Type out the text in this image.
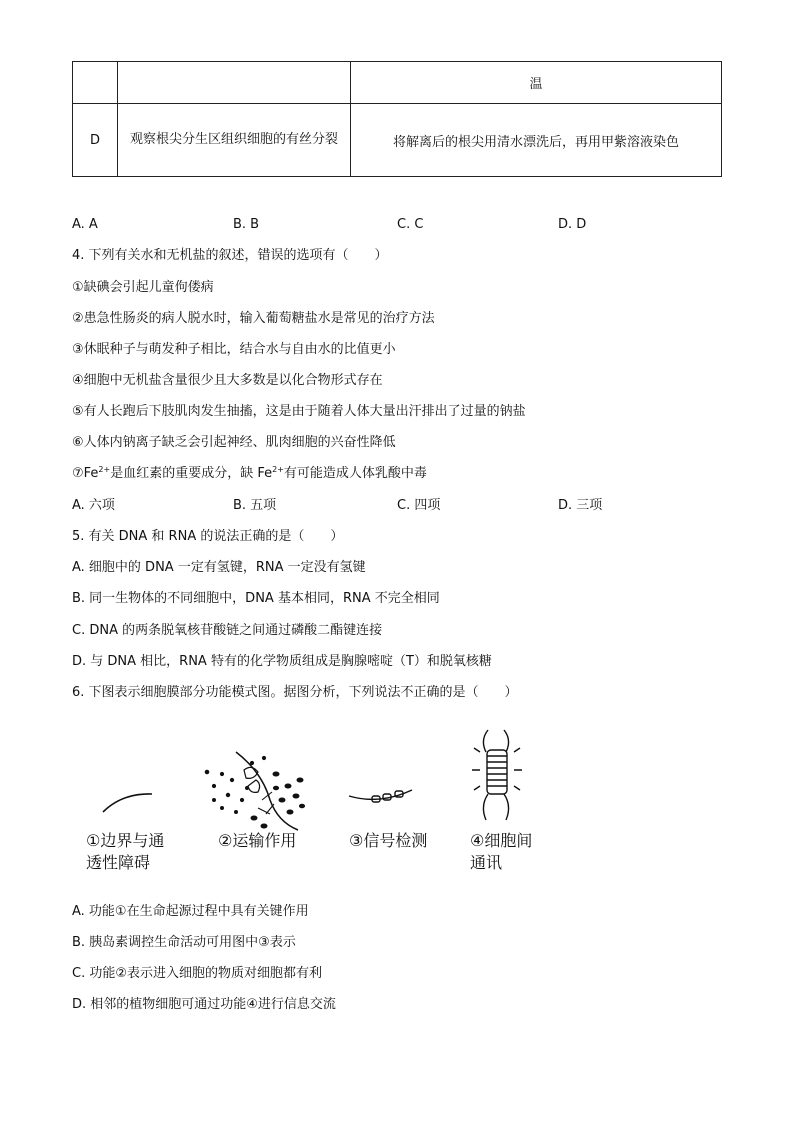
		温
D	观察根尖分生区组织细胞的有丝分裂	将解离后的根尖用清水漂洗后，再用甲紫溶液染色
A. A	B. B	C. C	D. D
4. 下列有关水和无机盐的叙述，错误的选项有（　　）
①缺碘会引起儿童佝偻病
②患急性肠炎的病人脱水时，输入葡萄糖盐水是常见的治疗方法
③休眠种子与萌发种子相比，结合水与自由水的比值更小
④细胞中无机盐含量很少且大多数是以化合物形式存在
⑤有人长跑后下肢肌肉发生抽搐，这是由于随着人体大量出汗排出了过量的钠盐
⑥人体内钠离子缺乏会引起神经、肌肉细胞的兴奋性降低
$⑦Fe^{2+}$是血红素的重要成分，缺 $Fe^{2+}$有可能造成人体乳酸中毒
A. 六项	B. 五项	C. 四项	D. 三项
5. 有关 DNA 和 RNA 的说法正确的是（　　）
A. 细胞中的 DNA 一定有氢键，RNA 一定没有氢键
B. 同一生物体的不同细胞中，DNA 基本相同，RNA 不完全相同
C. DNA 的两条脱氧核苷酸链之间通过磷酸二酯键连接
D. 与 DNA 相比，RNA 特有的化学物质组成是胸腺嘧啶（T）和脱氧核糖
6. 下图表示细胞膜部分功能模式图。据图分析，下列说法不正确的是（　　）
①边界与通
透性障碍
②运输作用	③信号检测	④细胞间
通讯
A. 功能①在生命起源过程中具有关键作用
B. 胰岛素调控生命活动可用图中③表示
C. 功能②表示进入细胞的物质对细胞都有利
D. 相邻的植物细胞可通过功能④进行信息交流
